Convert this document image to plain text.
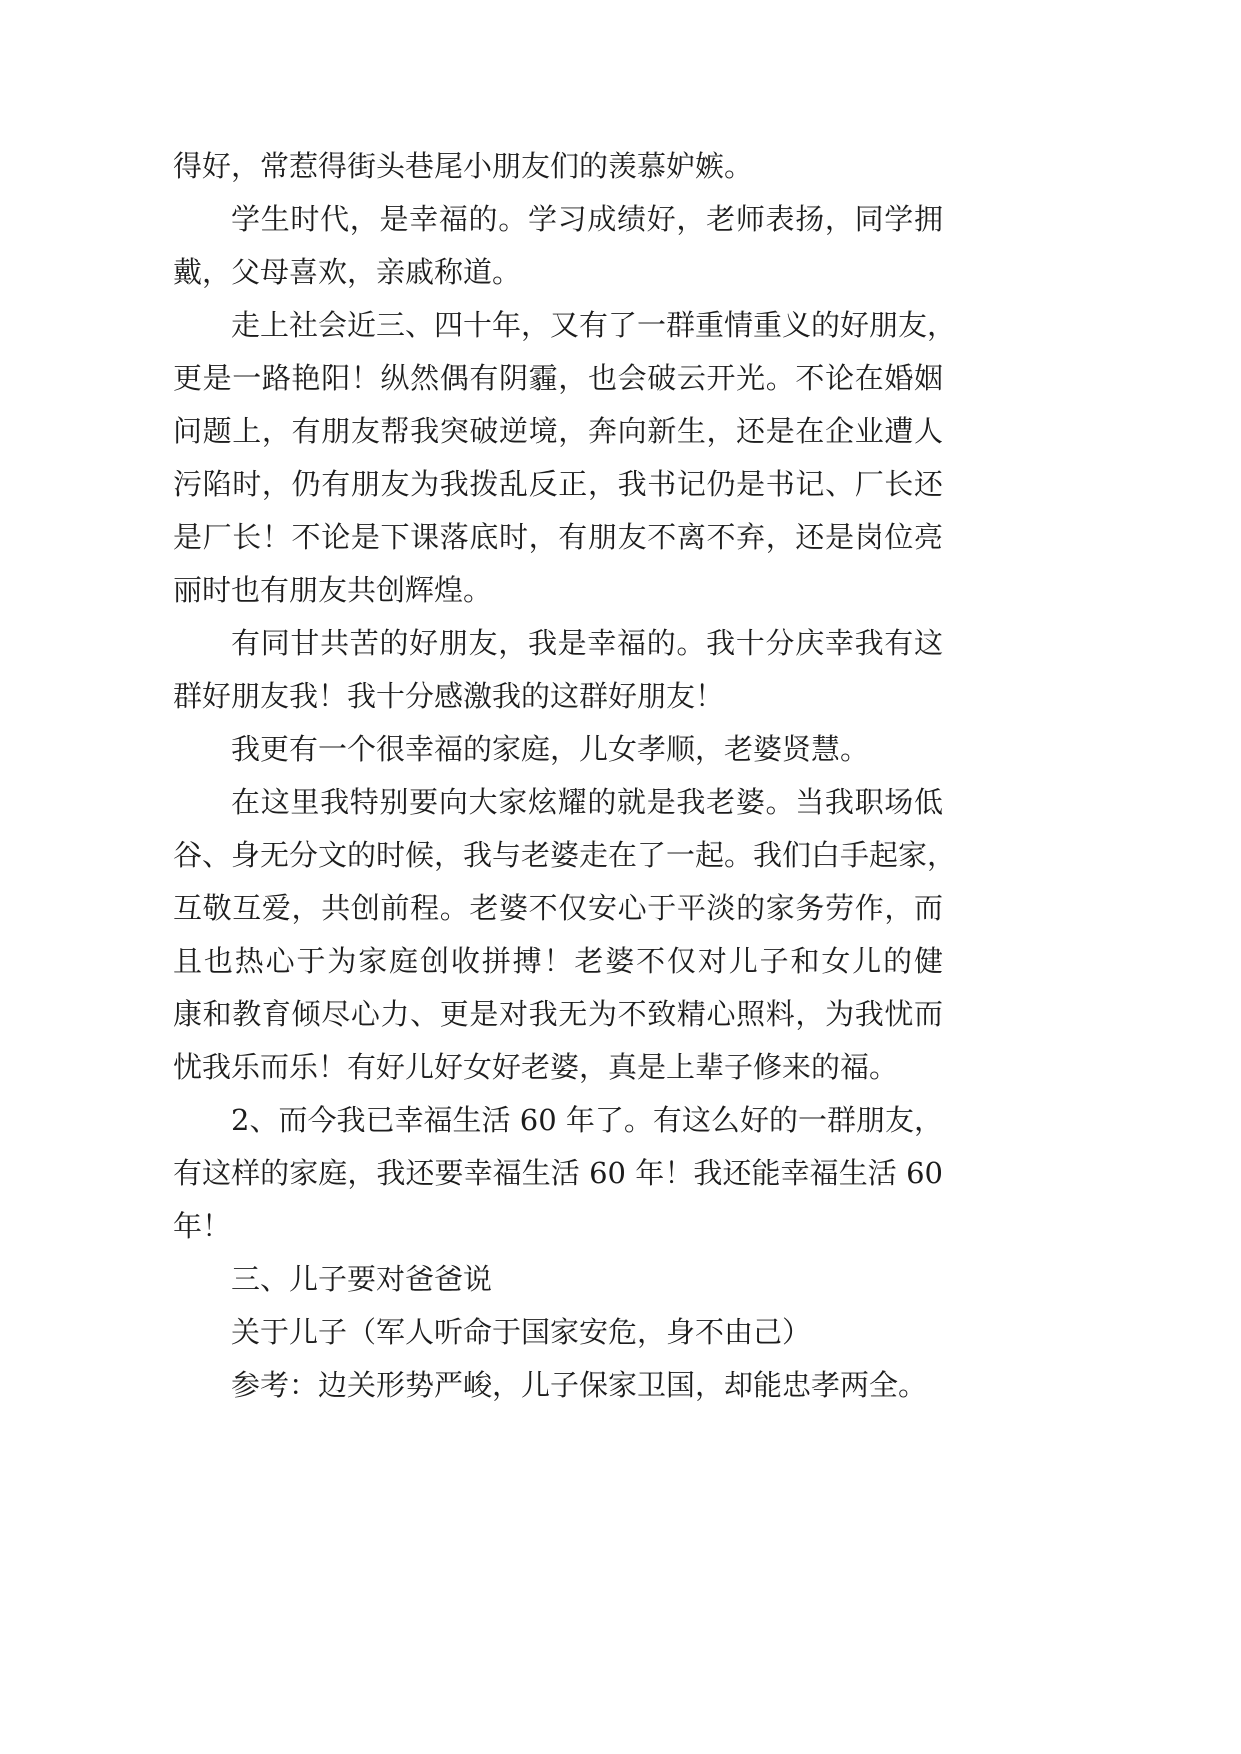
得好，常惹得街头巷尾小朋友们的羡慕妒嫉。
学生时代，是幸福的。学习成绩好，老师表扬，同学拥
戴，父母喜欢，亲戚称道。
走上社会近三、四十年，又有了一群重情重义的好朋友，
更是一路艳阳！纵然偶有阴霾，也会破云开光。不论在婚姻
问题上，有朋友帮我突破逆境，奔向新生，还是在企业遭人
污陷时，仍有朋友为我拨乱反正，我书记仍是书记、厂长还
是厂长！不论是下课落底时，有朋友不离不弃，还是岗位亮
丽时也有朋友共创辉煌。
有同甘共苦的好朋友，我是幸福的。我十分庆幸我有这
群好朋友我！我十分感激我的这群好朋友！
我更有一个很幸福的家庭，儿女孝顺，老婆贤慧。
在这里我特别要向大家炫耀的就是我老婆。当我职场低
谷、身无分文的时候，我与老婆走在了一起。我们白手起家，
互敬互爱，共创前程。老婆不仅安心于平淡的家务劳作，而
且也热心于为家庭创收拼搏！老婆不仅对儿子和女儿的健
康和教育倾尽心力、更是对我无为不致精心照料，为我忧而
忧我乐而乐！有好儿好女好老婆，真是上辈子修来的福。
2、而今我已幸福生活 60 年了。有这么好的一群朋友，
有这样的家庭，我还要幸福生活 60 年！我还能幸福生活 60
年！
三、儿子要对爸爸说
关于儿子（军人听命于国家安危，身不由己）
参考：边关形势严峻，儿子保家卫国，却能忠孝两全。
